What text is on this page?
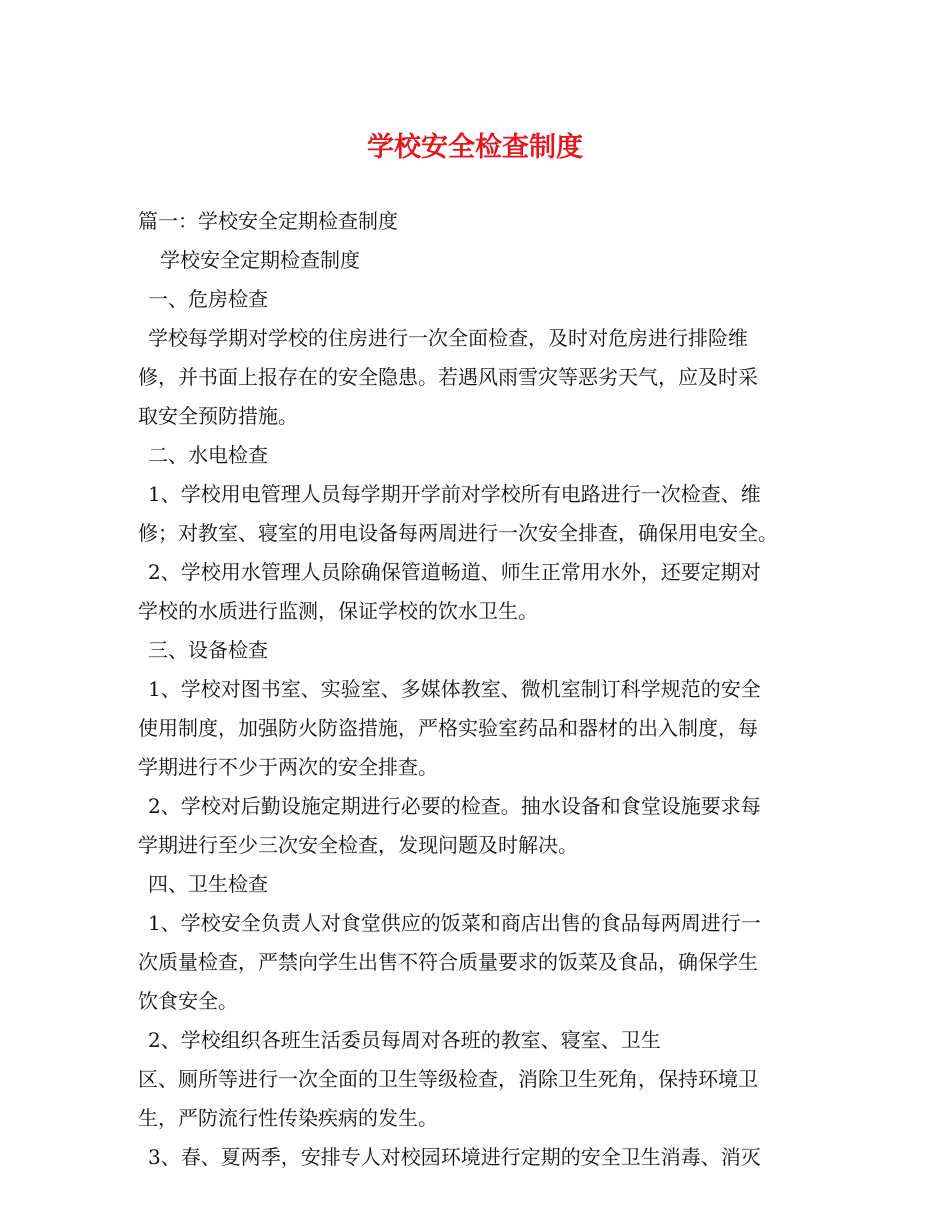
学校安全检查制度

篇一：学校安全定期检查制度

学校安全定期检查制度

一、危房检查

学校每学期对学校的住房进行一次全面检查，及时对危房进行排险维

修，并书面上报存在的安全隐患。若遇风雨雪灾等恶劣天气，应及时采

取安全预防措施。

二、水电检查

1、学校用电管理人员每学期开学前对学校所有电路进行一次检查、维

修；对教室、寝室的用电设备每两周进行一次安全排查，确保用电安全。

2、学校用水管理人员除确保管道畅道、师生正常用水外，还要定期对

学校的水质进行监测，保证学校的饮水卫生。

三、设备检查

1、学校对图书室、实验室、多媒体教室、微机室制订科学规范的安全

使用制度，加强防火防盗措施，严格实验室药品和器材的出入制度，每

学期进行不少于两次的安全排查。

2、学校对后勤设施定期进行必要的检查。抽水设备和食堂设施要求每

学期进行至少三次安全检查，发现问题及时解决。

四、卫生检查

1、学校安全负责人对食堂供应的饭菜和商店出售的食品每两周进行一

次质量检查，严禁向学生出售不符合质量要求的饭菜及食品，确保学生

饮食安全。

2、学校组织各班生活委员每周对各班的教室、寝室、卫生

区、厕所等进行一次全面的卫生等级检查，消除卫生死角，保持环境卫

生，严防流行性传染疾病的发生。

3、春、夏两季，安排专人对校园环境进行定期的安全卫生消毒、消灭
